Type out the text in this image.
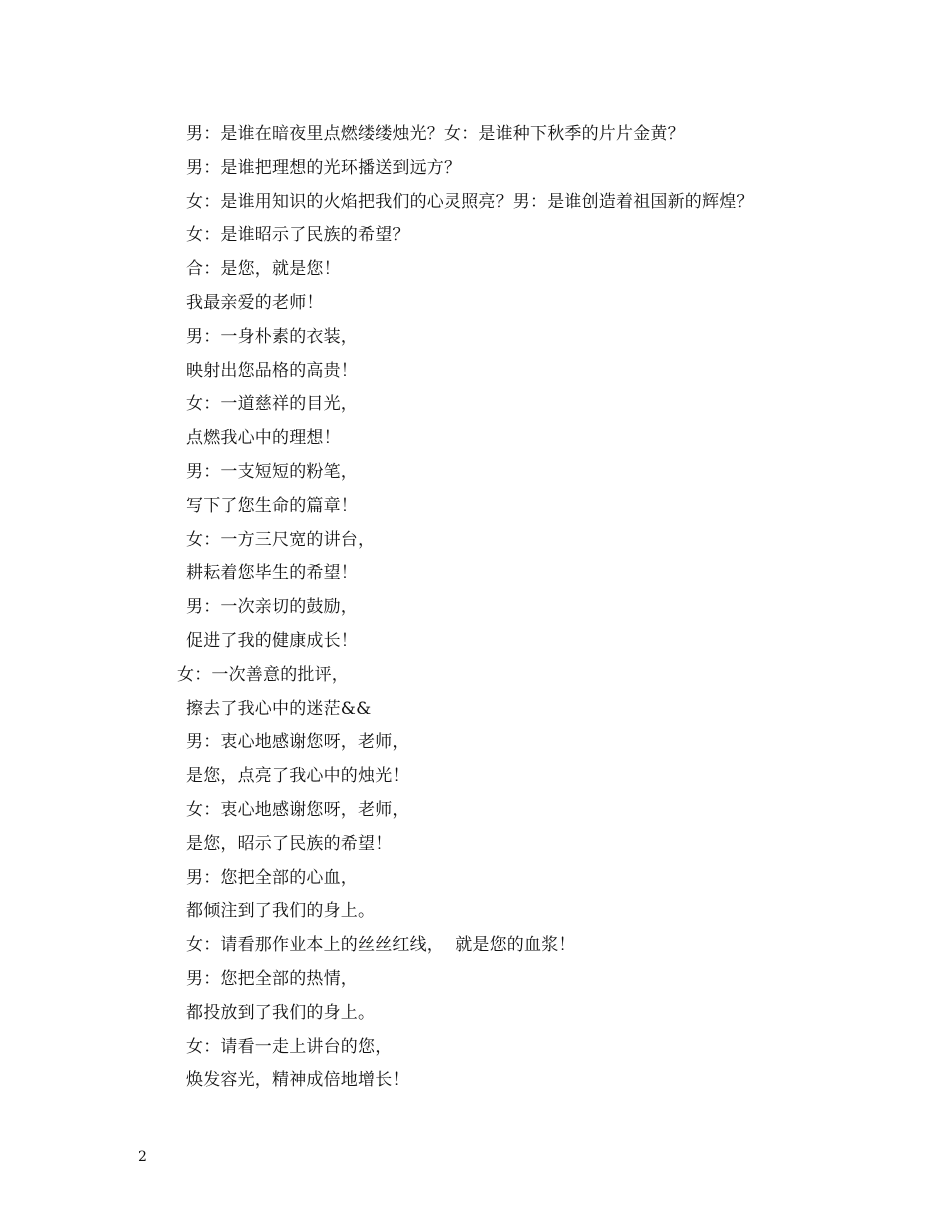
男：是谁在暗夜里点燃缕缕烛光？女：是谁种下秋季的片片金黄？
男：是谁把理想的光环播送到远方？
女：是谁用知识的火焰把我们的心灵照亮？男：是谁创造着祖国新的辉煌？
女：是谁昭示了民族的希望？
合：是您，就是您！
我最亲爱的老师！
男：一身朴素的衣装，
映射出您品格的高贵！
女：一道慈祥的目光，
点燃我心中的理想！
男：一支短短的粉笔，
写下了您生命的篇章！
女：一方三尺宽的讲台，
耕耘着您毕生的希望！
男：一次亲切的鼓励，
促进了我的健康成长！
女：一次善意的批评，
擦去了我心中的迷茫&&
男：衷心地感谢您呀，老师，
是您，点亮了我心中的烛光！
女：衷心地感谢您呀，老师，
是您，昭示了民族的希望！
男：您把全部的心血，
都倾注到了我们的身上。
女：请看那作业本上的丝丝红线，  就是您的血浆！
男：您把全部的热情，
都投放到了我们的身上。
女：请看一走上讲台的您，
焕发容光，精神成倍地增长！
2
